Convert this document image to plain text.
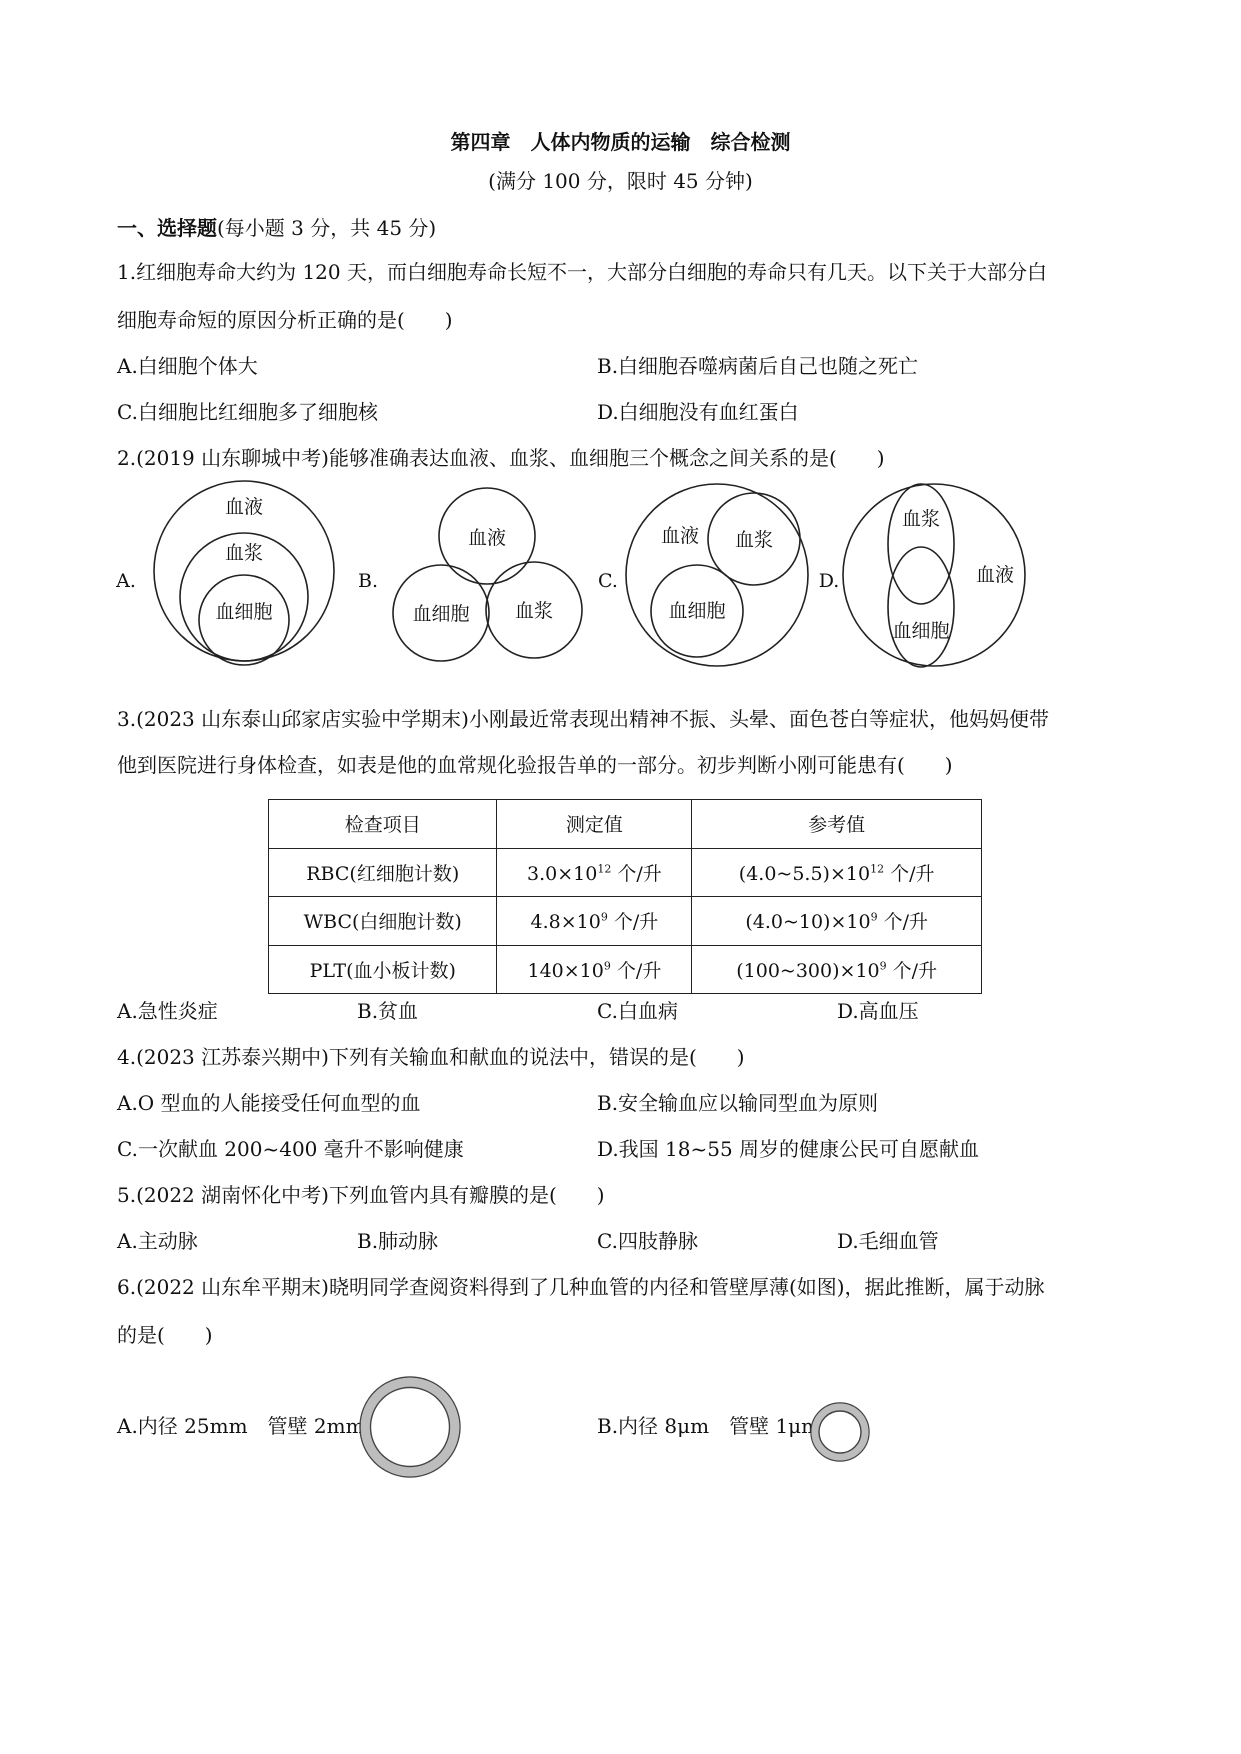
第四章　人体内物质的运输　综合检测
(满分 100 分，限时 45 分钟)
一、选择题(每小题 3 分，共 45 分)
1.红细胞寿命大约为 120 天，而白细胞寿命长短不一，大部分白细胞的寿命只有几天。以下关于大部分白
细胞寿命短的原因分析正确的是(　　)
A.白细胞个体大	B.白细胞吞噬病菌后自己也随之死亡
C.白细胞比红细胞多了细胞核	D.白细胞没有血红蛋白
2.(2019 山东聊城中考)能够准确表达血液、血浆、血细胞三个概念之间关系的是(　　)
A.
血液
血浆
血细胞
B.
血液
血细胞 血浆
C.
血液 血浆
血细胞
D.
血浆
血液
血细胞
3.(2023 山东泰山邱家店实验中学期末)小刚最近常表现出精神不振、头晕、面色苍白等症状，他妈妈便带
他到医院进行身体检查，如表是他的血常规化验报告单的一部分。初步判断小刚可能患有(　　)
检查项目	测定值	参考值
RBC(红细胞计数)	$3.0\times 10^{12}$ 个/升	$(4.0\sim 5.5)\times 10^{12}$ 个/升
WBC(白细胞计数)	$4.8\times 10^9$ 个/升	$(4.0\sim 10)\times 10^9$ 个/升
PLT(血小板计数)	$140\times 10^9$ 个/升	$(100\sim 300)\times 10^9$ 个/升
A.急性炎症	B.贫血	C.白血病	D.高血压
4.(2023 江苏泰兴期中)下列有关输血和献血的说法中，错误的是(　　)
A.O 型血的人能接受任何血型的血	B.安全输血应以输同型血为原则
C.一次献血 200~400 毫升不影响健康	D.我国 18~55 周岁的健康公民可自愿献血
5.(2022 湖南怀化中考)下列血管内具有瓣膜的是(　　)
A.主动脉	B.肺动脉	C.四肢静脉	D.毛细血管
6.(2022 山东牟平期末)晓明同学查阅资料得到了几种血管的内径和管壁厚薄(如图)，据此推断，属于动脉
的是(　　)
A.内径 25mm　管壁 2mm	B.内径 8μm　管壁 1μm
